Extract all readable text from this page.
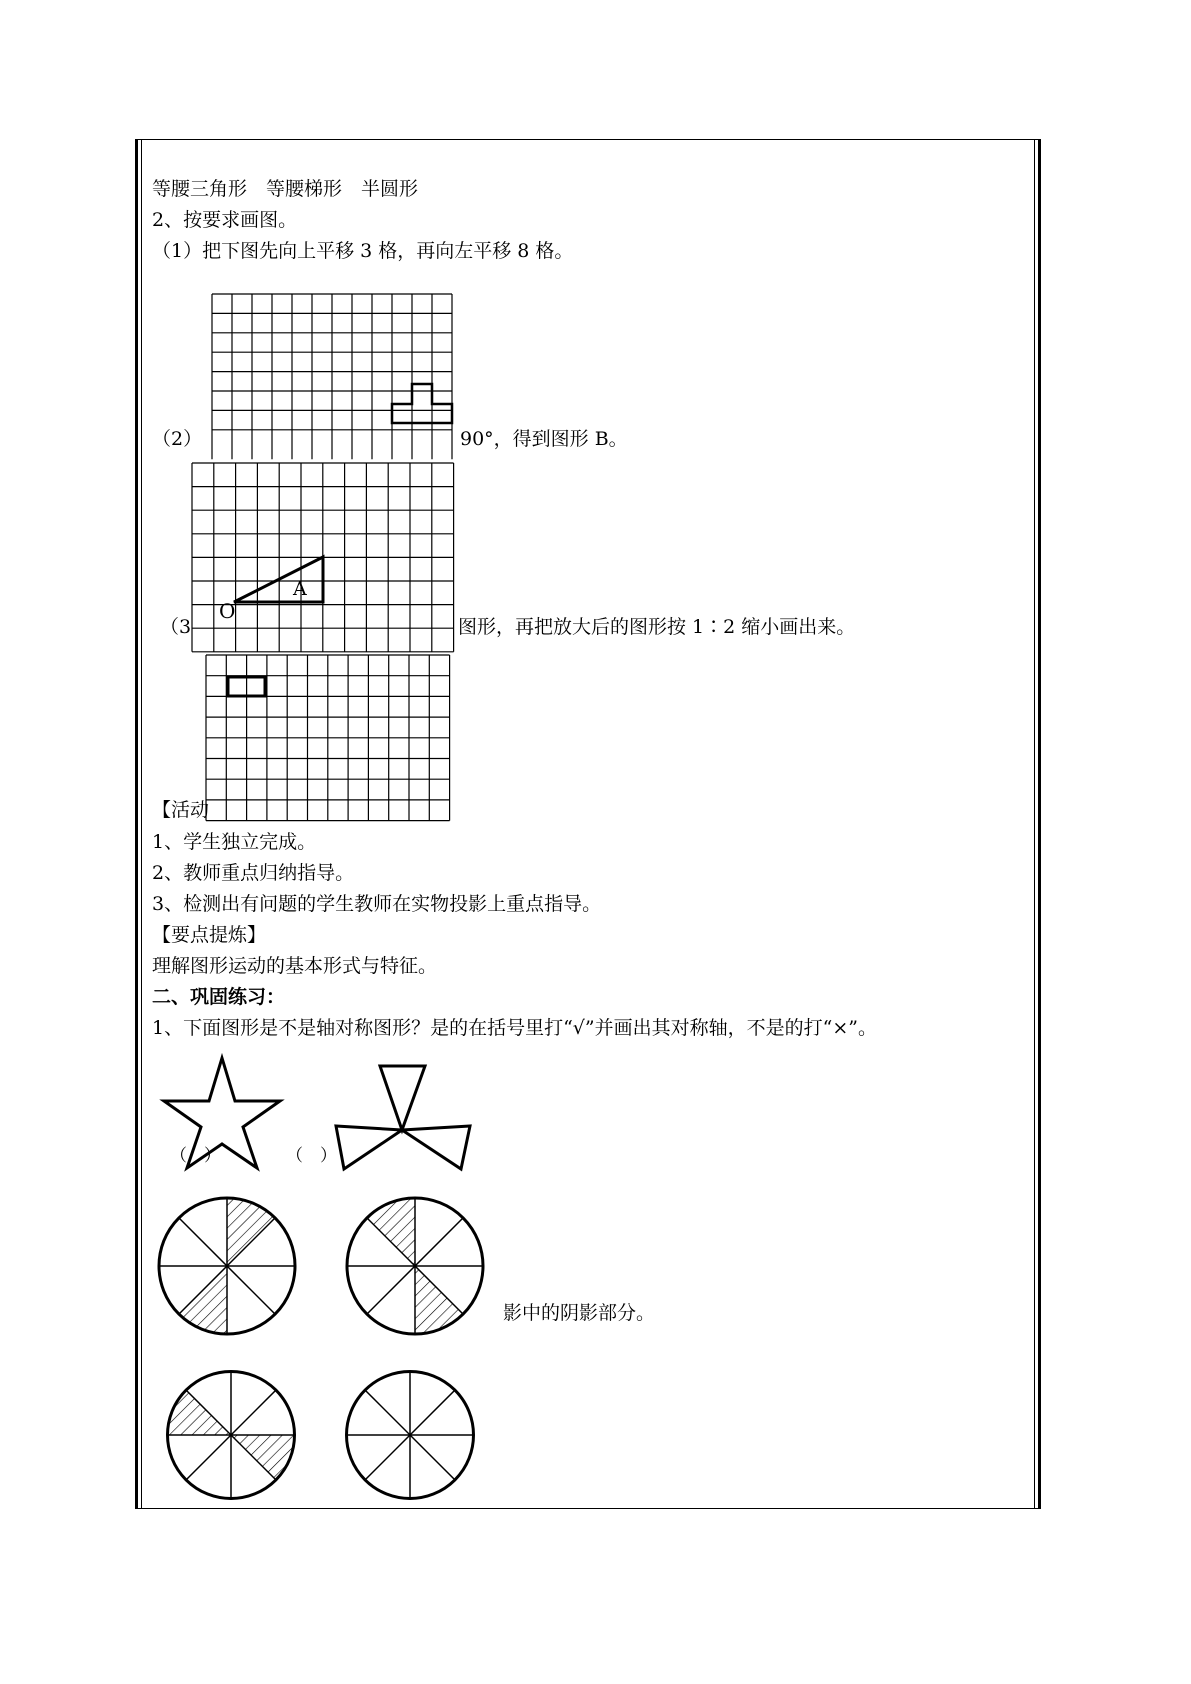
等腰三角形　等腰梯形　半圆形
2、按要求画图。
（1）把下图先向上平移 3 格，再向左平移 8 格。
（2）	90°，得到图形 B。
O
A
（3	图形，再把放大后的图形按 1∶2 缩小画出来。
【活动
1、学生独立完成。
2、教师重点归纳指导。
3、检测出有问题的学生教师在实物投影上重点指导。
【要点提炼】
理解图形运动的基本形式与特征。
二、巩固练习：
1、下面图形是不是轴对称图形？是的在括号里打“√”并画出其对称轴，不是的打“×”。
（　）	（　）
影中的阴影部分。
